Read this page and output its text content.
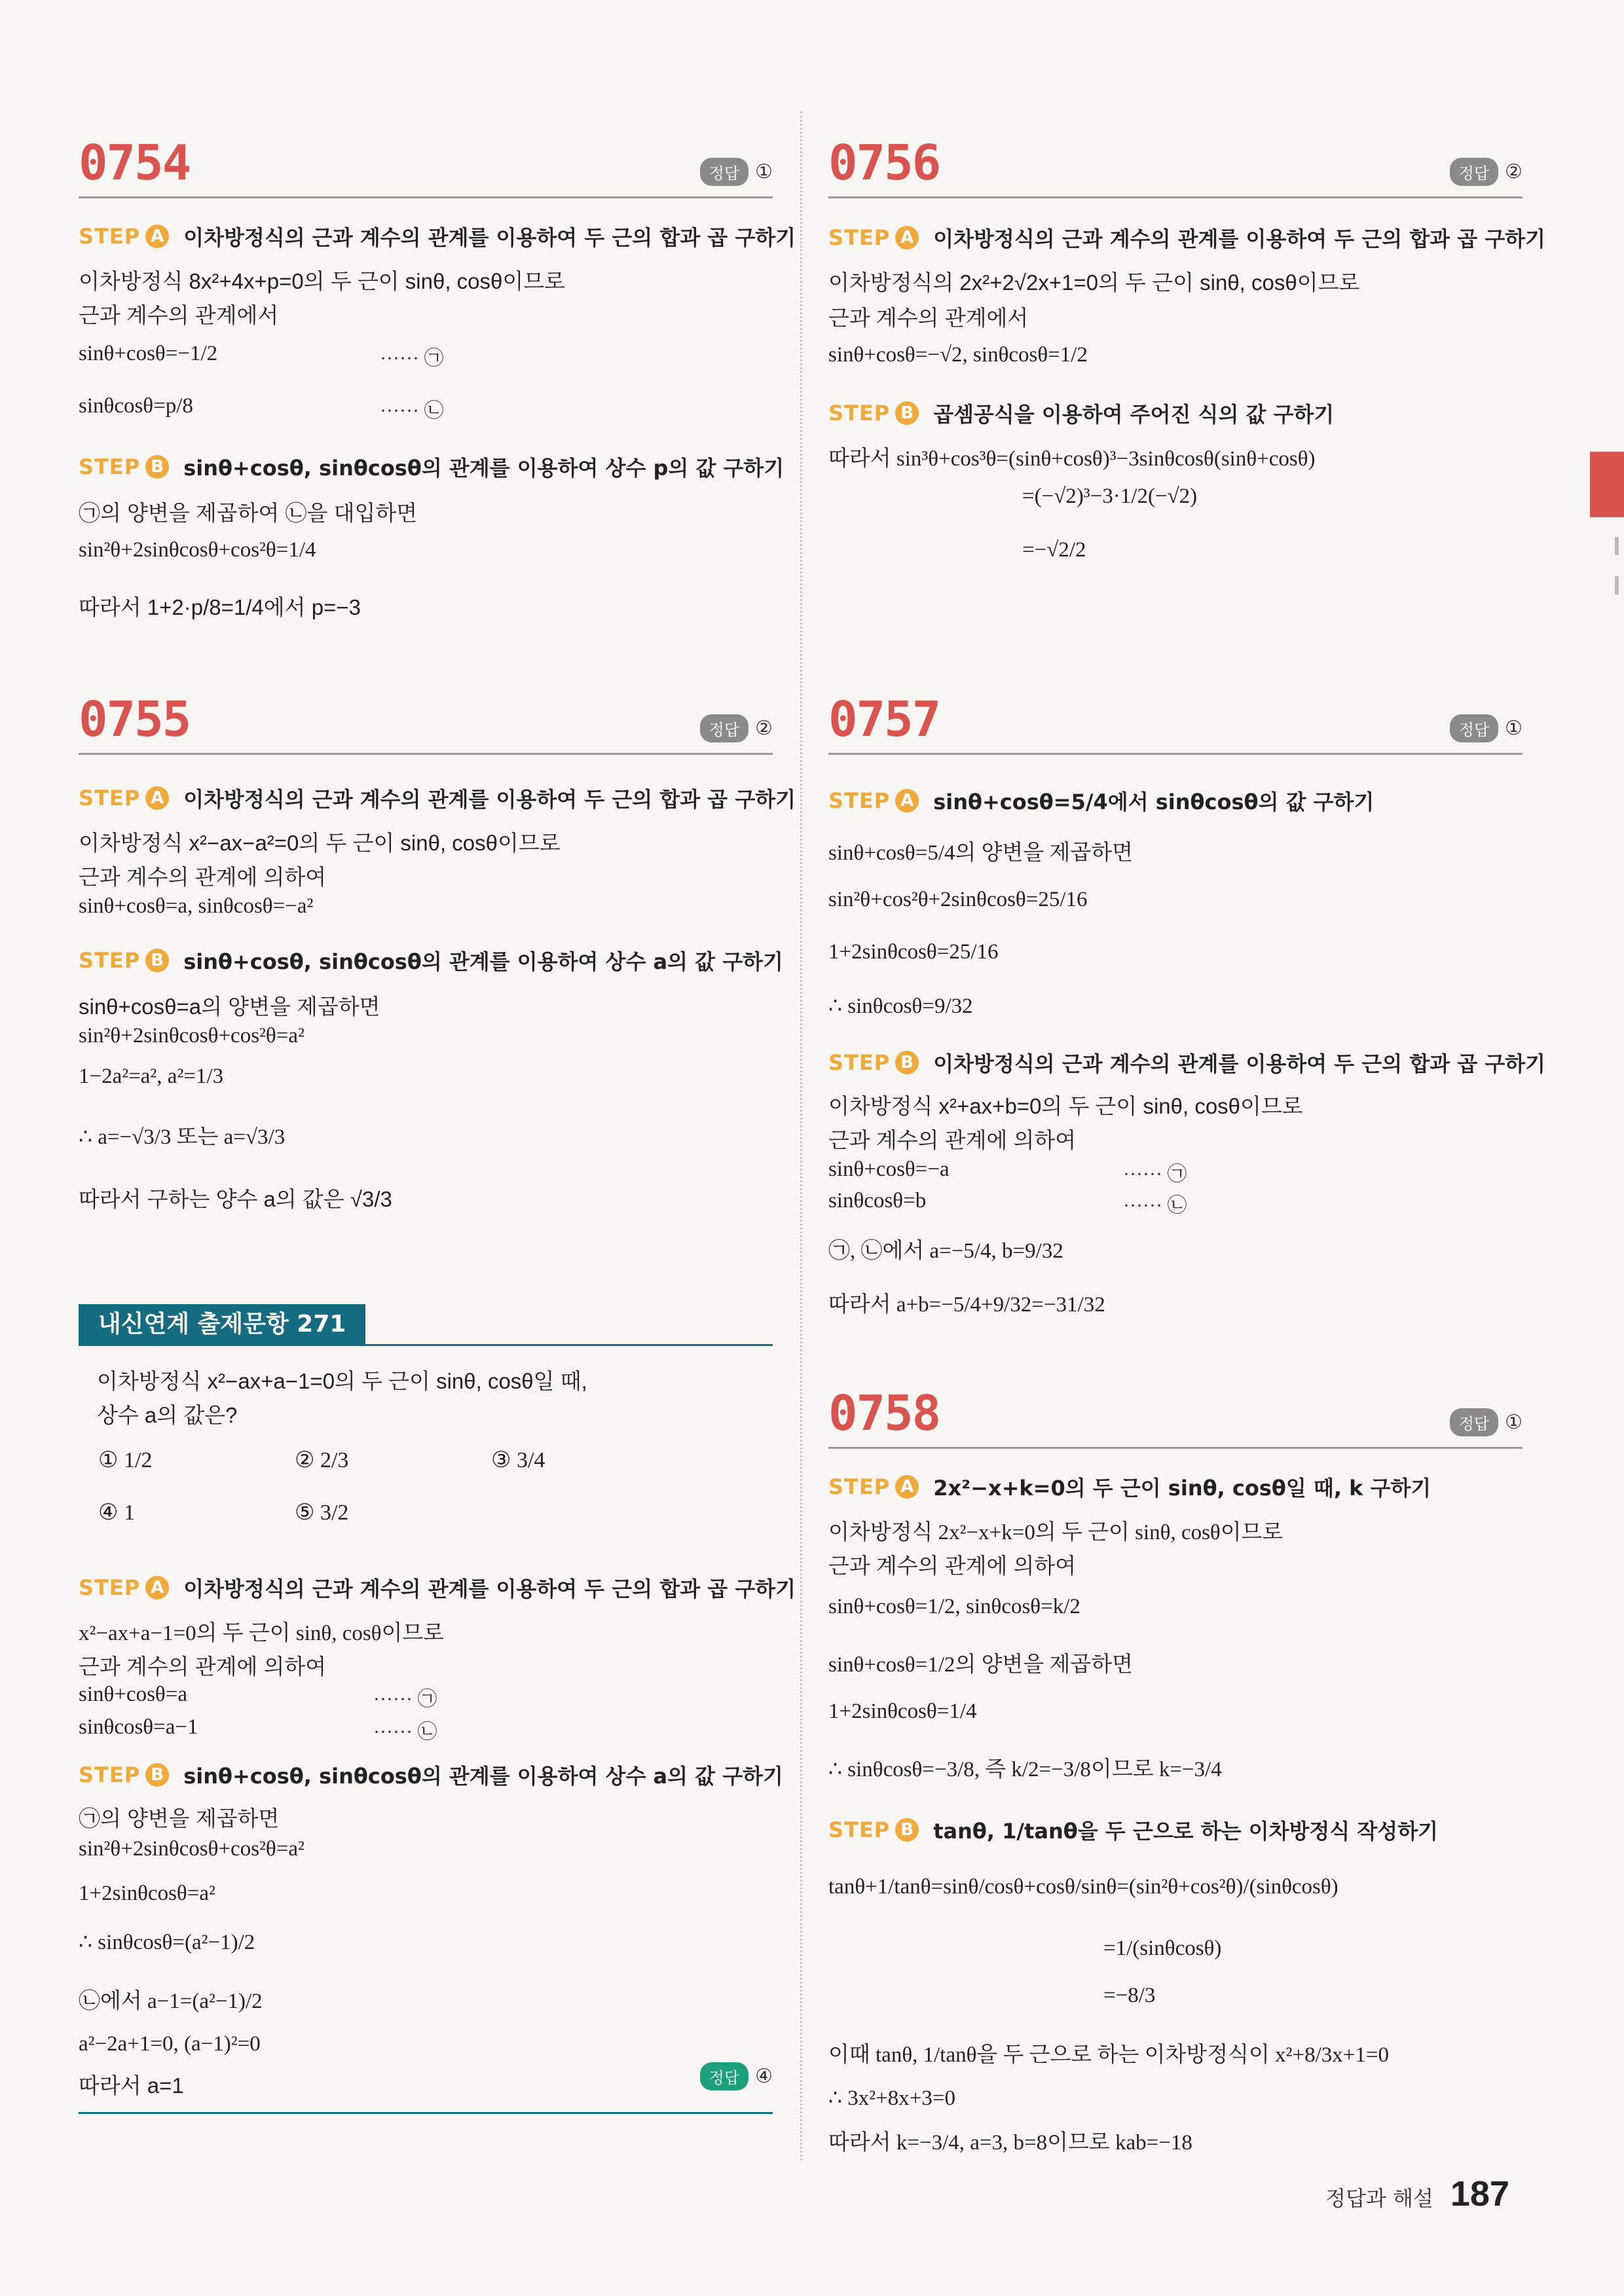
0754	정답 ①
STEP A 이차방정식의 근과 계수의 관계를 이용하여 두 근의 합과 곱 구하기
이차방정식 8x²+4x+p=0의 두 근이 sinθ, cosθ이므로
근과 계수의 관계에서
sinθ+cosθ=−1/2	······ ㉠
sinθcosθ=p/8	······ ㉡
STEP B sinθ+cosθ, sinθcosθ의 관계를 이용하여 상수 p의 값 구하기
㉠의 양변을 제곱하여 ㉡을 대입하면
sin²θ+2sinθcosθ+cos²θ=1/4
따라서 1+2·p/8=1/4에서 p=−3
0755	정답 ②
STEP A 이차방정식의 근과 계수의 관계를 이용하여 두 근의 합과 곱 구하기
이차방정식 x²−ax−a²=0의 두 근이 sinθ, cosθ이므로
근과 계수의 관계에 의하여
sinθ+cosθ=a, sinθcosθ=−a²
STEP B sinθ+cosθ, sinθcosθ의 관계를 이용하여 상수 a의 값 구하기
sinθ+cosθ=a의 양변을 제곱하면
sin²θ+2sinθcosθ+cos²θ=a²
1−2a²=a², a²=1/3
∴ a=−√3/3 또는 a=√3/3
따라서 구하는 양수 a의 값은 √3/3
내신연계 출제문항 271
이차방정식 x²−ax+a−1=0의 두 근이 sinθ, cosθ일 때,
상수 a의 값은?
① 1/2	② 2/3	③ 3/4
④ 1	⑤ 3/2
STEP A 이차방정식의 근과 계수의 관계를 이용하여 두 근의 합과 곱 구하기
x²−ax+a−1=0의 두 근이 sinθ, cosθ이므로
근과 계수의 관계에 의하여
sinθ+cosθ=a	······ ㉠
sinθcosθ=a−1	······ ㉡
STEP B sinθ+cosθ, sinθcosθ의 관계를 이용하여 상수 a의 값 구하기
㉠의 양변을 제곱하면
sin²θ+2sinθcosθ+cos²θ=a²
1+2sinθcosθ=a²
∴ sinθcosθ=(a²−1)/2
㉡에서 a−1=(a²−1)/2
a²−2a+1=0, (a−1)²=0
따라서 a=1	정답 ④
0756	정답 ②
STEP A 이차방정식의 근과 계수의 관계를 이용하여 두 근의 합과 곱 구하기
이차방정식의 2x²+2√2x+1=0의 두 근이 sinθ, cosθ이므로
근과 계수의 관계에서
sinθ+cosθ=−√2, sinθcosθ=1/2
STEP B 곱셈공식을 이용하여 주어진 식의 값 구하기
따라서 sin³θ+cos³θ=(sinθ+cosθ)³−3sinθcosθ(sinθ+cosθ)
=(−√2)³−3·1/2(−√2)
=−√2/2
0757	정답 ①
STEP A sinθ+cosθ=5/4에서 sinθcosθ의 값 구하기
sinθ+cosθ=5/4의 양변을 제곱하면
sin²θ+cos²θ+2sinθcosθ=25/16
1+2sinθcosθ=25/16
∴ sinθcosθ=9/32
STEP B 이차방정식의 근과 계수의 관계를 이용하여 두 근의 합과 곱 구하기
이차방정식 x²+ax+b=0의 두 근이 sinθ, cosθ이므로
근과 계수의 관계에 의하여
sinθ+cosθ=−a	······ ㉠
sinθcosθ=b	······ ㉡
㉠, ㉡에서 a=−5/4, b=9/32
따라서 a+b=−5/4+9/32=−31/32
0758	정답 ①
STEP A 2x²−x+k=0의 두 근이 sinθ, cosθ일 때, k 구하기
이차방정식 2x²−x+k=0의 두 근이 sinθ, cosθ이므로
근과 계수의 관계에 의하여
sinθ+cosθ=1/2, sinθcosθ=k/2
sinθ+cosθ=1/2의 양변을 제곱하면
1+2sinθcosθ=1/4
∴ sinθcosθ=−3/8, 즉 k/2=−3/8이므로 k=−3/4
STEP B tanθ, 1/tanθ을 두 근으로 하는 이차방정식 작성하기
tanθ+1/tanθ=sinθ/cosθ+cosθ/sinθ=(sin²θ+cos²θ)/(sinθcosθ)
=1/(sinθcosθ)
=−8/3
이때 tanθ, 1/tanθ을 두 근으로 하는 이차방정식이 x²+8/3x+1=0
∴ 3x²+8x+3=0
따라서 k=−3/4, a=3, b=8이므로 kab=−18
정답과 해설 187
